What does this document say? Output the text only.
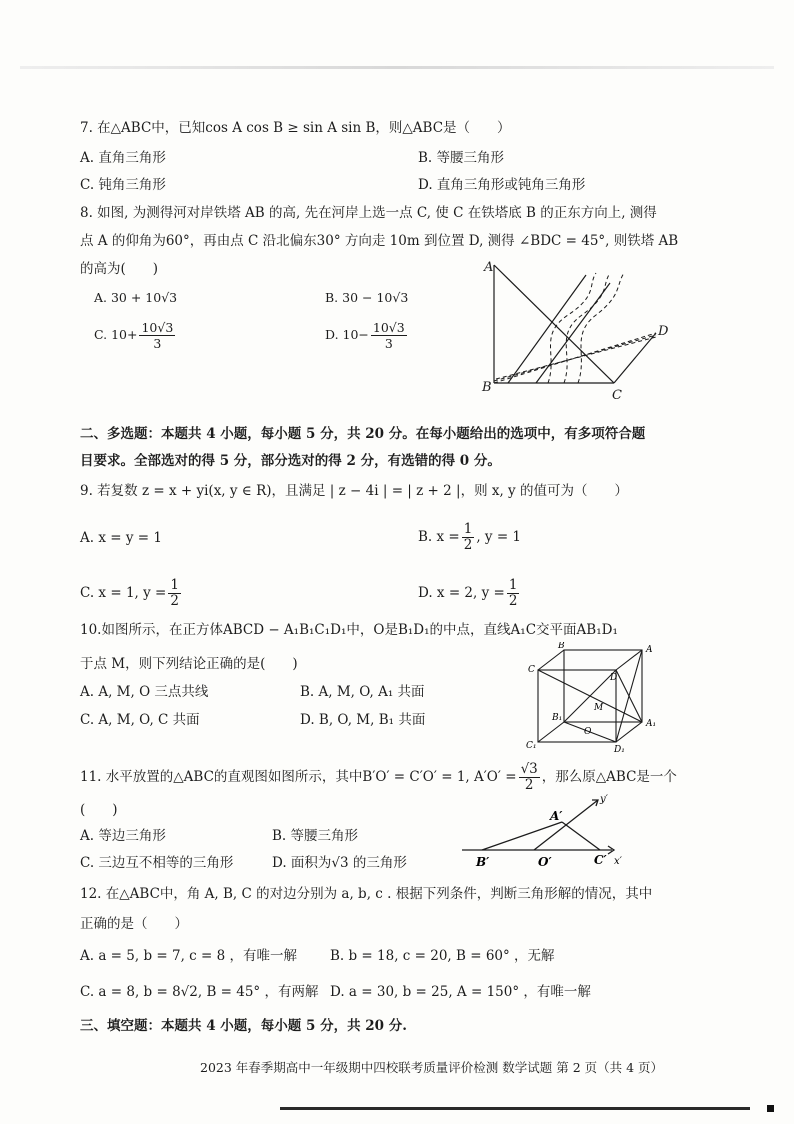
7. 在△ABC中，已知cos A cos B ≥ sin A sin B，则△ABC是（　　）
A. 直角三角形	B. 等腰三角形
C. 钝角三角形	D. 直角三角形或钝角三角形
8. 如图, 为测得河对岸铁塔 AB 的高, 先在河岸上选一点 C, 使 C 在铁塔底 B 的正东方向上, 测得
点 A 的仰角为60°，再由点 C 沿北偏东30° 方向走 10m 到位置 D, 测得 ∠BDC = 45°, 则铁塔 AB
的高为(　　)
A. 30 + 10√3	B. 30 − 10√3
C. $10+ \frac{10√3}{3}$	D. $10- \frac{10√3}{3}$
A
B
C
D
二、多选题：本题共 4 小题，每小题 5 分，共 20 分。在每小题给出的选项中，有多项符合题
目要求。全部选对的得 5 分，部分选对的得 2 分，有选错的得 0 分。
9. 若复数 z = x + yi(x, y ∈ R)，且满足 | z − 4i | = | z + 2 |，则 x, y 的值可为（　　）
A. x = y = 1	B. $x = \frac{1}{2}$ , y = 1
C. x = 1, $y = \frac{1}{2}$	D. x = 2, $y = \frac{1}{2}$
10.如图所示，在正方体ABCD − A₁B₁C₁D₁中，O是B₁D₁的中点，直线A₁C交平面AB₁D₁
于点 M，则下列结论正确的是(　　)
A. A, M, O 三点共线	B. A, M, O, A₁ 共面
C. A, M, O, C 共面	D. B, O, M, B₁ 共面
C
B	A
D
B₁
A₁
C₁	D₁
M
O
11. 水平放置的△ABC的直观图如图所示，其中B′O′ = C′O′ = 1, $A'O' = \frac{√3}{2}$ ，那么原△ABC是一个
(　　)
A. 等边三角形	B. 等腰三角形
C. 三边互不相等的三角形	D. 面积为√3 的三角形
A′
B′	O′	C′ x′
y′
12. 在△ABC中，角 A, B, C 的对边分别为 a, b, c . 根据下列条件，判断三角形解的情况，其中
正确的是（　　）
A. a = 5, b = 7, c = 8 ，有唯一解 B. b = 18, c = 20, B = 60° ，无解
C. a = 8, b = 8√2, B = 45° ，有两解 D. a = 30, b = 25, A = 150° ，有唯一解
三、填空题：本题共 4 小题，每小题 5 分，共 20 分.
2023 年春季期高中一年级期中四校联考质量评价检测 数学试题 第 2 页（共 4 页）
